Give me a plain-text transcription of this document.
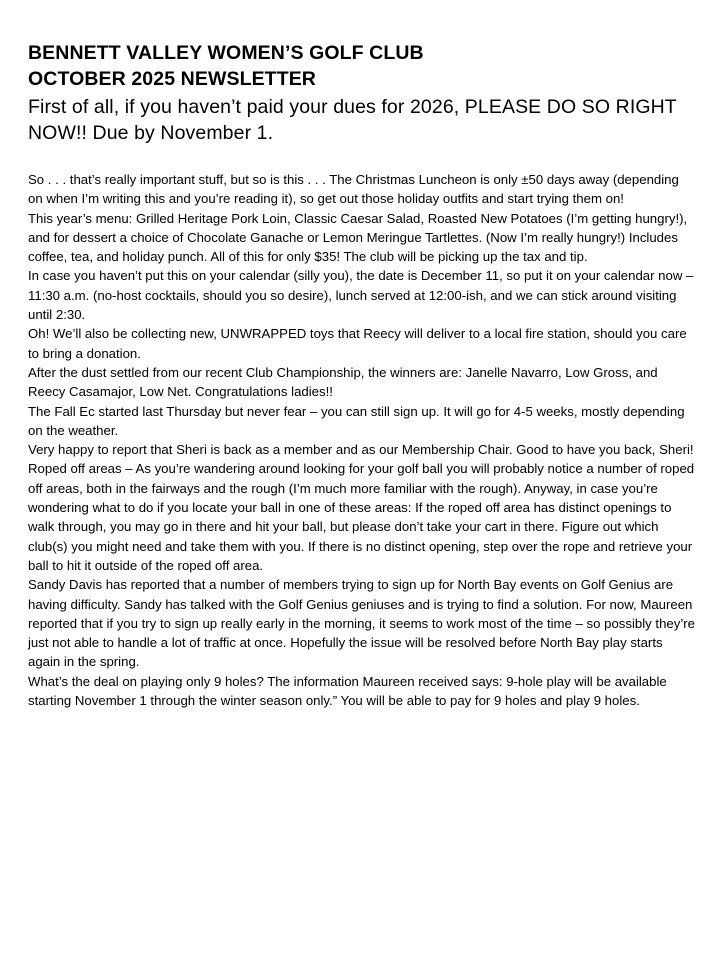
BENNETT VALLEY WOMEN’S GOLF CLUB
OCTOBER 2025 NEWSLETTER
First of all, if you haven’t paid your dues for 2026, PLEASE DO SO RIGHT NOW!! Due by November 1.

So . . . that’s really important stuff, but so is this . . . The Christmas Luncheon is only ±50 days away (depending on when I’m writing this and you’re reading it), so get out those holiday outfits and start trying them on!

This year’s menu: Grilled Heritage Pork Loin, Classic Caesar Salad, Roasted New Potatoes (I’m getting hungry!), and for dessert a choice of Chocolate Ganache or Lemon Meringue Tartlettes. (Now I’m really hungry!) Includes coffee, tea, and holiday punch. All of this for only $35! The club will be picking up the tax and tip.

In case you haven’t put this on your calendar (silly you), the date is December 11, so put it on your calendar now – 11:30 a.m. (no-host cocktails, should you so desire), lunch served at 12:00-ish, and we can stick around visiting until 2:30.

Oh! We’ll also be collecting new, UNWRAPPED toys that Reecy will deliver to a local fire station, should you care to bring a donation.

After the dust settled from our recent Club Championship, the winners are: Janelle Navarro, Low Gross, and Reecy Casamajor, Low Net. Congratulations ladies!!

The Fall Ec started last Thursday but never fear – you can still sign up. It will go for 4-5 weeks, mostly depending on the weather.

Very happy to report that Sheri is back as a member and as our Membership Chair. Good to have you back, Sheri!

Roped off areas – As you’re wandering around looking for your golf ball you will probably notice a number of roped off areas, both in the fairways and the rough (I’m much more familiar with the rough). Anyway, in case you’re wondering what to do if you locate your ball in one of these areas: If the roped off area has distinct openings to walk through, you may go in there and hit your ball, but please don’t take your cart in there. Figure out which club(s) you might need and take them with you. If there is no distinct opening, step over the rope and retrieve your ball to hit it outside of the roped off area.

Sandy Davis has reported that a number of members trying to sign up for North Bay events on Golf Genius are having difficulty. Sandy has talked with the Golf Genius geniuses and is trying to find a solution. For now, Maureen reported that if you try to sign up really early in the morning, it seems to work most of the time – so possibly they’re just not able to handle a lot of traffic at once. Hopefully the issue will be resolved before North Bay play starts again in the spring.

What’s the deal on playing only 9 holes? The information Maureen received says: 9-hole play will be available starting November 1 through the winter season only.” You will be able to pay for 9 holes and play 9 holes.
